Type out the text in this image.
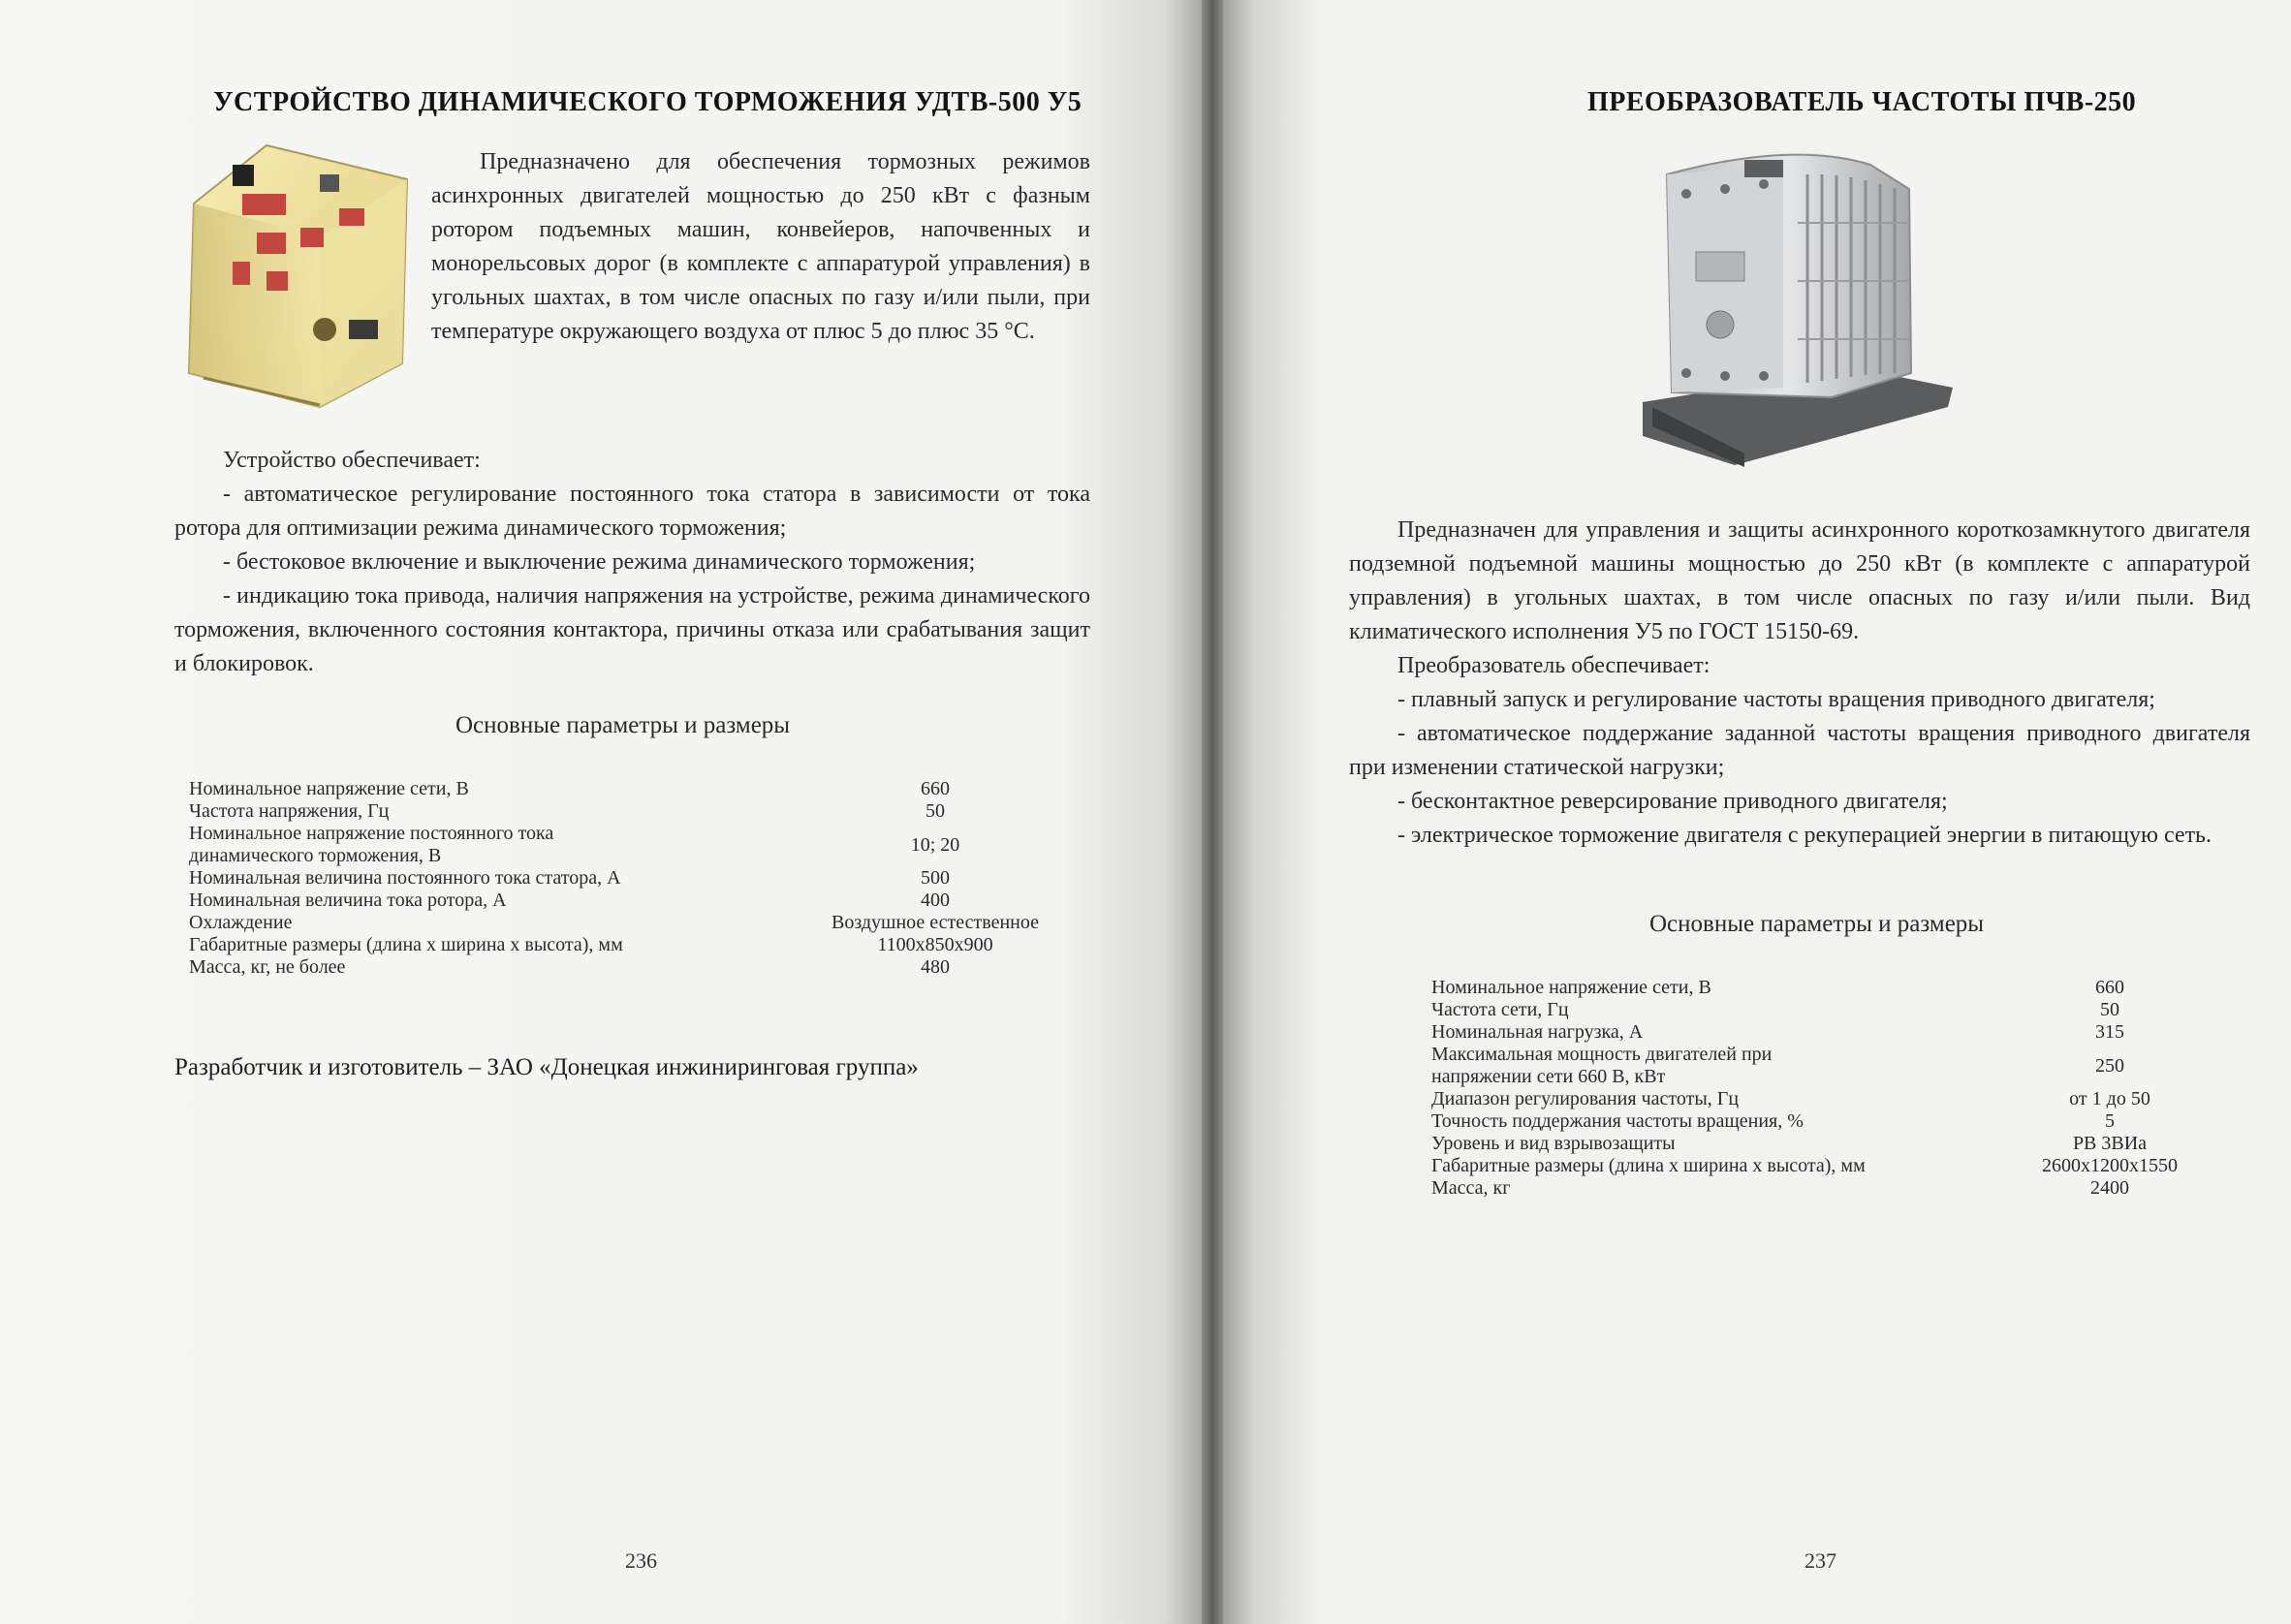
УСТРОЙСТВО ДИНАМИЧЕСКОГО ТОРМОЖЕНИЯ УДТВ-500 У5

Предназначено для обеспечения тормозных режимов асинхронных двигателей мощностью до 250 кВт с фазным ротором подъемных машин, конвейеров, напочвенных и монорельсовых дорог (в комплекте с аппаратурой управления) в угольных шахтах, в том числе опасных по газу и/или пыли, при температуре окружающего воздуха от плюс 5 до плюс 35 °С.

Устройство обеспечивает:

- автоматическое регулирование постоянного тока статора в зависимости от тока ротора для оптимизации режима динамического торможения;

- бестоковое включение и выключение режима динамического торможения;

- индикацию тока привода, наличия напряжения на устройстве, режима динамического торможения, включенного состояния контактора, причины отказа или срабатывания защит и блокировок.

Основные параметры и размеры
Номинальное напряжение сети, В	660
Частота напряжения, Гц	50
Номинальное напряжение постоянного тока динамического торможения, В	10; 20
Номинальная величина постоянного тока статора, А	500
Номинальная величина тока ротора, А	400
Охлаждение	Воздушное естественное
Габаритные размеры (длина х ширина х высота), мм	1100х850х900
Масса, кг, не более	480
Разработчик и изготовитель – ЗАО «Донецкая инжиниринговая группа»
236
ПРЕОБРАЗОВАТЕЛЬ ЧАСТОТЫ ПЧВ-250

Предназначен для управления и защиты асинхронного короткозамкнутого двигателя подземной подъемной машины мощностью до 250 кВт (в комплекте с аппаратурой управления) в угольных шахтах, в том числе опасных по газу и/или пыли. Вид климатического исполнения У5 по ГОСТ 15150-69.

Преобразователь обеспечивает:

- плавный запуск и регулирование частоты вращения приводного двигателя;

- автоматическое поддержание заданной частоты вращения приводного двигателя при изменении статической нагрузки;

- бесконтактное реверсирование приводного двигателя;

- электрическое торможение двигателя с рекуперацией энергии в питающую сеть.

Основные параметры и размеры
Номинальное напряжение сети, В	660
Частота сети, Гц	50
Номинальная нагрузка, А	315
Максимальная мощность двигателей при напряжении сети 660 В, кВт	250
Диапазон регулирования частоты, Гц	от 1 до 50
Точность поддержания частоты вращения, %	5
Уровень и вид взрывозащиты	РВ 3ВИа
Габаритные размеры (длина х ширина х высота), мм	2600х1200х1550
Масса, кг	2400
237
